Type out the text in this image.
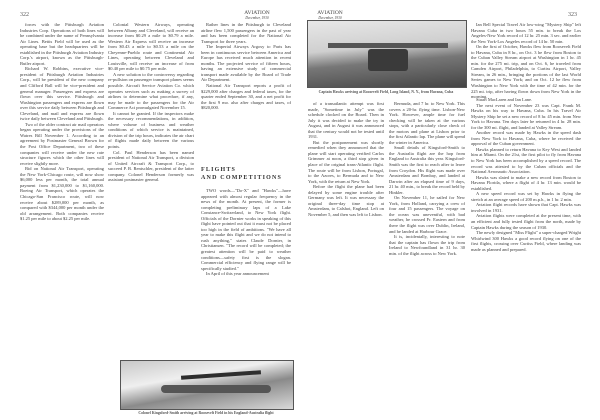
322	AVIATION
December, 1930

forces with the Pittsburgh Aviation Industries Corp. Operations of both lines will be combined under the name of Pennsylvania Air Lines. Bettis Field will be used as the operating base but the headquarters will be established in the Pittsburgh Aviation Industry Corp.'s airport, known as the Pittsburgh-Butler airport.

Richard W. Robbins, executive vice-president of Pittsburgh Aviation Industries Corp., will be president of the new company and Clifford Ball will be vice-president and general manager. Passengers and express are flown over this service. Pittsburgh and Washington passengers and express are flown over this service daily between Pittsburgh and Cleveland, and mail and express are flown twice daily between Cleveland and Pittsburgh.

Two of the older contract air mail operators began operating under the provisions of the Watres Bill November 1. According to an agreement by Postmaster General Brown for the Post Office Department, two of these companies will receive under the new rate structure figures which the other lines will receive slightly more.

Bid on National Air Transport, operating the New York-Chicago route, will now show $6,000 less per month, the total annual payment from $1,230,000 to $1,160,000. Boeing Air Transport, which operates the Chicago-San Francisco route, will now receive about $289,000 per month, as compared with $344,000 per month under the old arrangement. Both companies receive $1.25 per mile to about $2.25 per mile.

Colonial Western Airways, operating between Albany and Cleveland, will receive an increase from $0.29 a mile to $0.79 a mile. Western Air Express will receive an increase from $0.43 a mile to $0.53 a mile on the Cheyenne-Pueblo route and Continental Air Lines, operating between Cleveland and Louisville, will receive an increase of from $0.40 per mile to $0.75 per mile.

A new solution to the controversy regarding re-pullsion on passenger transport planes seems possible. Aircraft Service Aviation Co. which operates services such as making a survey of airlines to determine what procedure, if any, may be made to the passengers for the Air Commerce Act promulgated November 15.

It cannot be granted. If the inspectors make the necessary recommendations, in addition, where volume of business and weather conditions of which service is maintained, division of the trip hours, indicates the air chart of flights made daily between the various points.

Col. Paul Henderson has been named president of National Air Transport, a division of United Aircraft & Transport Corp., to succeed P. B. Rentschler, president of the latter company. Colonel Henderson formerly was assistant postmaster general.

Rather lines in the Pittsburgh to Cleveland airline flew 1,500 passengers in the past of year and has been completed for the National Air Transport for three years.

The Imperial Airways Argosy to Paris has been in continuous service between America and Europe has received much attention in recent months. The projected service of fifteen hours, having an extensive study of commercial transport made available by the Board of Trade Air Department.

National Air Transport reports a profit of $229,000 after charges and federal taxes, for the quarter ended September 30, and a net profit for the first 9 mo. also after charges and taxes, of $820,000.

FLIGHTS
AND COMPETITIONS

TWO words—"Do-X" and "Hawks"—have appeared with almost regular frequency in the news of the month. At present, the former is completing preliminary laps of a Lake Constance-Switzerland, to New York flight. Officials of the Dornier works in speaking of this flight have pointed out that it must not be placed too high in the field of ambitions. "We have all year to make this flight and we do not intend to rush anything," states Claude Dornier, in Christiansen. "The record will be completed; the greatest attention will be paid to weather conditions—safety first is the slogan. Commercial efficiency and flying range will be specifically studied."

In April of this year announcement

Colonel Kingsford-Smith arriving at Roosevelt Field in his England-Australia flight
AVIATION
December, 1930	323
Captain Hawks arriving at Roosevelt Field, Long Island, N. Y., from Havana, Cuba

Ian Bell Special Travel Air low-wing "Mystery Ship" left Havana Cuba in two hours 55 min. to break the Los Angeles-New York record of 12 hr. 25 min. 3 sec. and earlier the New York-Los Angeles record of 14 hr. 50 min.

On the first of October, Hawks flew from Roosevelt Field to Havana, Cuba in 8 hr., on Oct. 3 he flew from Boston to the Cuban Valley Stream airport at Washington in 1 hr. 45 min. for the 275 mi. trip, and on Oct. 6, he traveled from Camden Airport, Philadelphia, to Curtiss Airport, Valley Stream, in 26 min., bringing the portions of the last World Series games to New York; and on Oct. 12 he flew from Washington to New York with the time of 42 min. for the 225 mi. trip, after having flown down from New York in the morning.

of a transatlantic attempt was first made, "Sometime in July" was the schedule clocked on the Board. Then in July it was decided to make the try in August, and in August it was announced that the century would not be tested until 1931.

But the postponement was shortly remedied when they announced that the plane will start operating verified Carlos Grimmer at noon, a third stop given in place of the original trans-Atlantic flight. The route will be from Lisbon, Portugal, to the Azores, to Bermuda and to New York, with the return at New York.

Before the flight the plane had been delayed by some engine trouble after Germany was left. It was necessary the original three-day time stop at Amsterdam, to Calshot, England. Left on November 5, and then was left to Lisbon.

Bermuda, and 7 hr. to New York. This covers a 20-hr. flying time. Lisbon-New York. However, ample time for fuel checking will be taken at the various stops, with a particularly close check of the motors and plane at Lisbon prior to the first Atlantic lap. The plane will spend the winter in America.

Small details of Kingsford-Smith to the Australia flight are the hop from England to Australia this year. Kingsford-Smith was the first to reach after to leave from Croydon. His flight was made over Amsterdam and Bombay, and landed at Darwin after an elapsed time of 9 days, 21 hr. 40 min., to break the record held by Hinkler.

On November 11, he sailed for New York, from Holland, carrying a crew of four and 15 passengers. The voyage on the ocean was uneventful, with bad weather, he crossed Fr. Eastern and from there the flight was over Dublin, Ireland, and he landed at Harbour Grace.

It is, incidentally, interesting to note that the captain has flown the trip from Ireland to Newfoundland in 31 hr. 30 min. of the flight across to New York.

Stuart MacLaren and Ian Lane.

The next event of November 23 was Capt. Frank M. Hawks on his way to Havana, Cuba. In his Travel Air Mystery Ship he set a new record of 8 hr. 45 min. from New York to Havana. Ten days later he returned in 4 hr. 28 min. for the 300 mi. flight, and landed at Valley Stream.

Another record was made by Hawks in the speed dash from New York to Havana, Cuba, where he received the approval of the Cuban government.

Hawks planned to return Havana to Key West and landed him at Miami. On the 21st, the first pilot to fly from Havana to New York has been accomplished by a speed record. The record was attested to by the Cuban officials and the National Aeronautic Association.

Hawks was slated to make a new record from Boston to Havana Florida, where a flight of 4 hr. 13 min. would be established.

A new speed record was set by Hawks in flying the stretch at an average speed of 200 m.p.h., in 1 hr. 2 min.

Aviation flight records have shown that Capt. Hawks was involved in 1931.

Aviation flights were completed at the present time, with an efficient and fully tested flight from the north, made by Captain Hawks during the season of 1930.

The newly designed "Miss Flight" a super-charged Wright Whirlwind 300 Hawks a good record flying on one of the first flights, crossing over Curtiss Field, where landing was made as planned and prepared.
